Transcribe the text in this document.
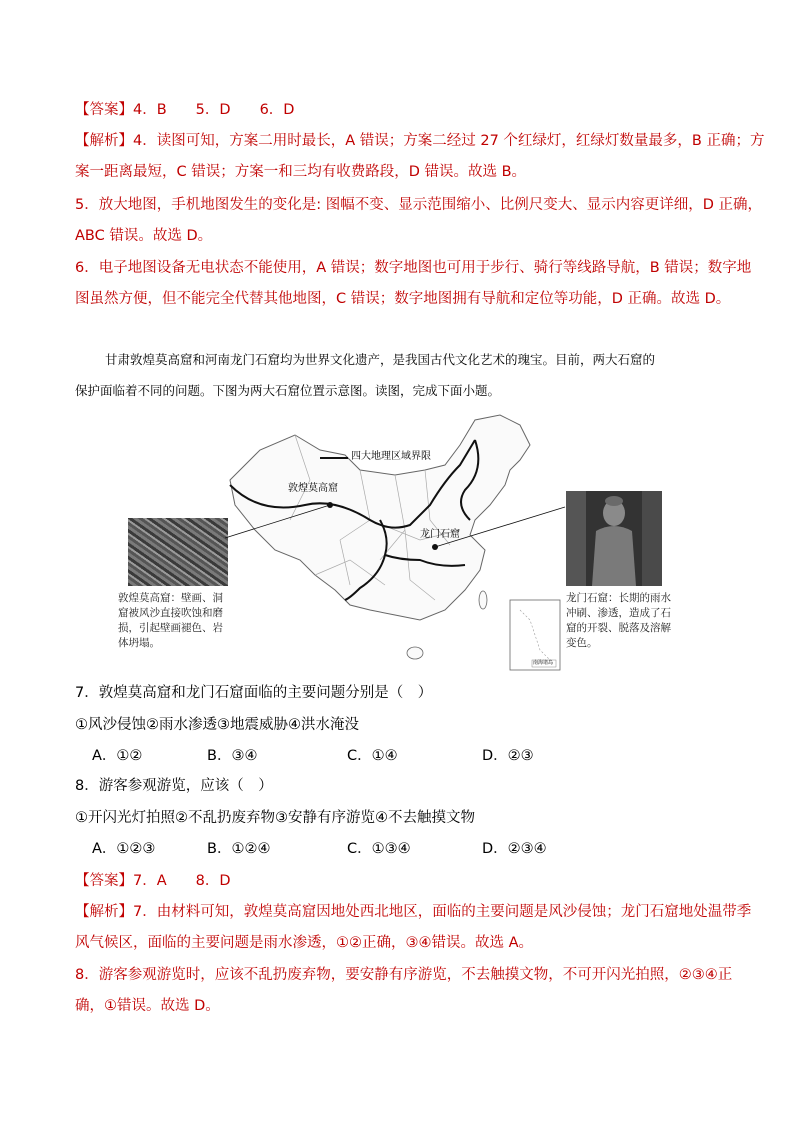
【答案】4．B　　5．D　　6．D
【解析】4．读图可知，方案二用时最长，A 错误；方案二经过 27 个红绿灯，红绿灯数量最多，B 正确；方
案一距离最短，C 错误；方案一和三均有收费路段，D 错误。故选 B。
5．放大地图，手机地图发生的变化是: 图幅不变、显示范围缩小、比例尺变大、显示内容更详细，D 正确，
ABC 错误。故选 D。
6．电子地图设备无电状态不能使用，A 错误；数字地图也可用于步行、骑行等线路导航，B 错误；数字地
图虽然方便，但不能完全代替其他地图，C 错误；数字地图拥有导航和定位等功能，D 正确。故选 D。
甘肃敦煌莫高窟和河南龙门石窟均为世界文化遗产，是我国古代文化艺术的瑰宝。目前，两大石窟的
保护面临着不同的问题。下图为两大石窟位置示意图。读图，完成下面小题。
敦煌莫高窟：壁画、洞
窟被风沙直接吹蚀和磨
损，引起壁画褪色、岩
体坍塌。
龙门石窟：长期的雨水
冲刷、渗透，造成了石
窟的开裂、脱落及溶解
变色。
四大地理区域界限
敦煌莫高窟
龙门石窟
南海诸岛
7．敦煌莫高窟和龙门石窟面临的主要问题分别是（　）
①风沙侵蚀②雨水渗透③地震威胁④洪水淹没
A．①②	B．③④	C．①④	D．②③
8．游客参观游览，应该（　）
①开闪光灯拍照②不乱扔废弃物③安静有序游览④不去触摸文物
A．①②③	B．①②④	C．①③④	D．②③④
【答案】7．A　　8．D
【解析】7．由材料可知，敦煌莫高窟因地处西北地区，面临的主要问题是风沙侵蚀；龙门石窟地处温带季
风气候区，面临的主要问题是雨水渗透，①②正确，③④错误。故选 A。
8．游客参观游览时，应该不乱扔废弃物，要安静有序游览，不去触摸文物，不可开闪光拍照，②③④正
确，①错误。故选 D。
